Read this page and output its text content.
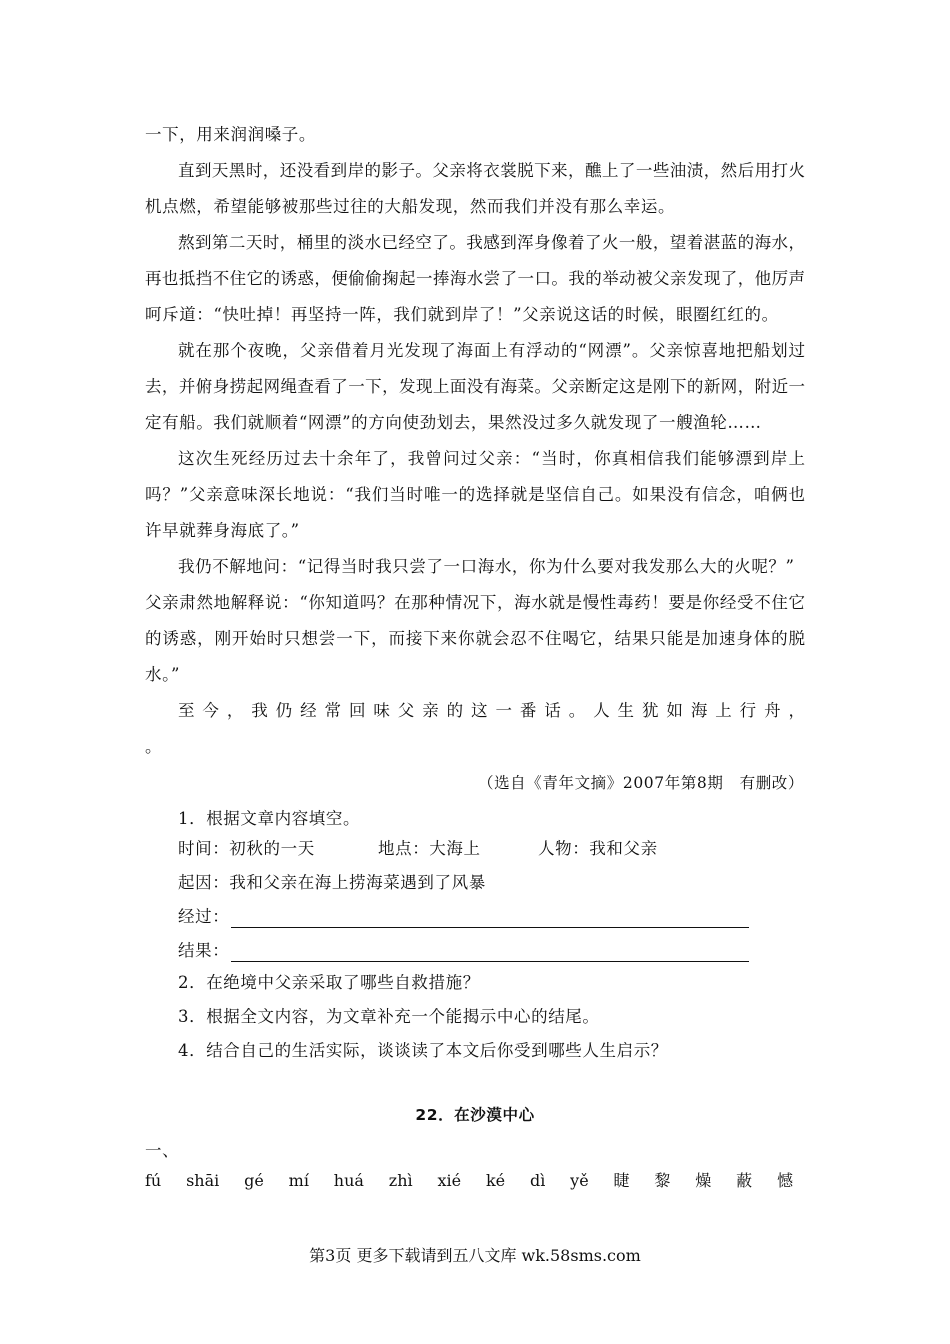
一下，用来润润嗓子。
直到天黑时，还没看到岸的影子。父亲将衣裳脱下来，醮上了一些油渍，然后用打火
机点燃，希望能够被那些过往的大船发现，然而我们并没有那么幸运。
熬到第二天时，桶里的淡水已经空了。我感到浑身像着了火一般，望着湛蓝的海水，
再也抵挡不住它的诱惑，便偷偷掬起一捧海水尝了一口。我的举动被父亲发现了，他厉声
呵斥道：“快吐掉！再坚持一阵，我们就到岸了！”父亲说这话的时候，眼圈红红的。
就在那个夜晚，父亲借着月光发现了海面上有浮动的“网漂”。父亲惊喜地把船划过
去，并俯身捞起网绳查看了一下，发现上面没有海菜。父亲断定这是刚下的新网，附近一
定有船。我们就顺着“网漂”的方向使劲划去，果然没过多久就发现了一艘渔轮……
这次生死经历过去十余年了，我曾问过父亲：“当时，你真相信我们能够漂到岸上
吗？”父亲意味深长地说：“我们当时唯一的选择就是坚信自己。如果没有信念，咱俩也
许早就葬身海底了。”
我仍不解地问：“记得当时我只尝了一口海水，你为什么要对我发那么大的火呢？”
父亲肃然地解释说：“你知道吗？在那种情况下，海水就是慢性毒药！要是你经受不住它
的诱惑，刚开始时只想尝一下，而接下来你就会忍不住喝它，结果只能是加速身体的脱
水。”
至今，我仍经常回味父亲的这一番话。人生犹如海上行舟，
。
（选自《青年文摘》2007年第8期　有删改）
1．根据文章内容填空。
时间：初秋的一天	地点：大海上	人物：我和父亲
起因：我和父亲在海上捞海菜遇到了风暴
经过：
结果：
2．在绝境中父亲采取了哪些自救措施？
3．根据全文内容，为文章补充一个能揭示中心的结尾。
4．结合自己的生活实际，谈谈读了本文后你受到哪些人生启示？
22．在沙漠中心
一、
fú shāi gé mí huá zhì xié ké dì yě 睫 黎 燥 蔽 憾
第3页 更多下载请到五八文库 wk.58sms.com
